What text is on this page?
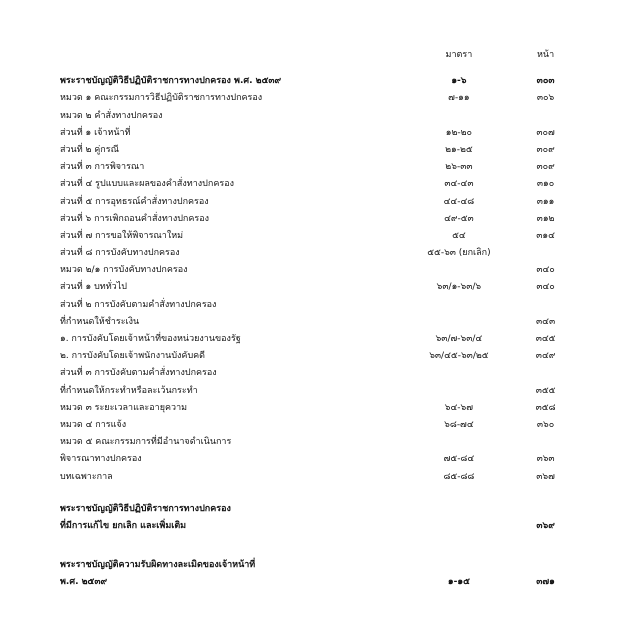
	มาตรา	หน้า

พระราชบัญญัติวิธีปฏิบัติราชการทางปกครอง พ.ศ. ๒๕๓๙	๑-๖	๓๐๓
หมวด ๑ คณะกรรมการวิธีปฏิบัติราชการทางปกครอง	๗-๑๑	๓๐๖
หมวด ๒ คำสั่งทางปกครอง		
ส่วนที่ ๑ เจ้าหน้าที่	๑๒-๒๐	๓๐๗
ส่วนที่ ๒ คู่กรณี	๒๑-๒๕	๓๐๙
ส่วนที่ ๓ การพิจารณา	๒๖-๓๓	๓๐๙
ส่วนที่ ๔ รูปแบบและผลของคำสั่งทางปกครอง	๓๔-๔๓	๓๑๐
ส่วนที่ ๕ การอุทธรณ์คำสั่งทางปกครอง	๔๔-๔๘	๓๑๑
ส่วนที่ ๖ การเพิกถอนคำสั่งทางปกครอง	๔๙-๕๓	๓๑๒
ส่วนที่ ๗ การขอให้พิจารณาใหม่	๕๔	๓๑๔
ส่วนที่ ๘ การบังคับทางปกครอง	๕๕-๖๓ (ยกเลิก)	
หมวด ๒/๑ การบังคับทางปกครอง		๓๔๐
ส่วนที่ ๑ บททั่วไป	๖๓/๑-๖๓/๖	๓๔๐
ส่วนที่ ๒ การบังคับตามคำสั่งทางปกครอง		
ที่กำหนดให้ชำระเงิน		๓๔๓
๑. การบังคับโดยเจ้าหน้าที่ของหน่วยงานของรัฐ	๖๓/๗-๖๓/๔	๓๔๕
๒. การบังคับโดยเจ้าพนักงานบังคับคดี	๖๓/๔๕-๖๓/๒๕	๓๔๙
ส่วนที่ ๓ การบังคับตามคำสั่งทางปกครอง		
ที่กำหนดให้กระทำหรือละเว้นกระทำ		๓๕๕
หมวด ๓ ระยะเวลาและอายุความ	๖๔-๖๗	๓๕๘
หมวด ๔ การแจ้ง	๖๘-๗๔	๓๖๐
หมวด ๕ คณะกรรมการที่มีอำนาจดำเนินการ		
พิจารณาทางปกครอง	๗๕-๘๔	๓๖๓
บทเฉพาะกาล	๘๕-๘๘	๓๖๗

พระราชบัญญัติวิธีปฏิบัติราชการทางปกครอง		
ที่มีการแก้ไข ยกเลิก และเพิ่มเติม		๓๖๙

พระราชบัญญัติความรับผิดทางละเมิดของเจ้าหน้าที่		
พ.ศ. ๒๕๓๙	๑-๑๕	๓๗๑
